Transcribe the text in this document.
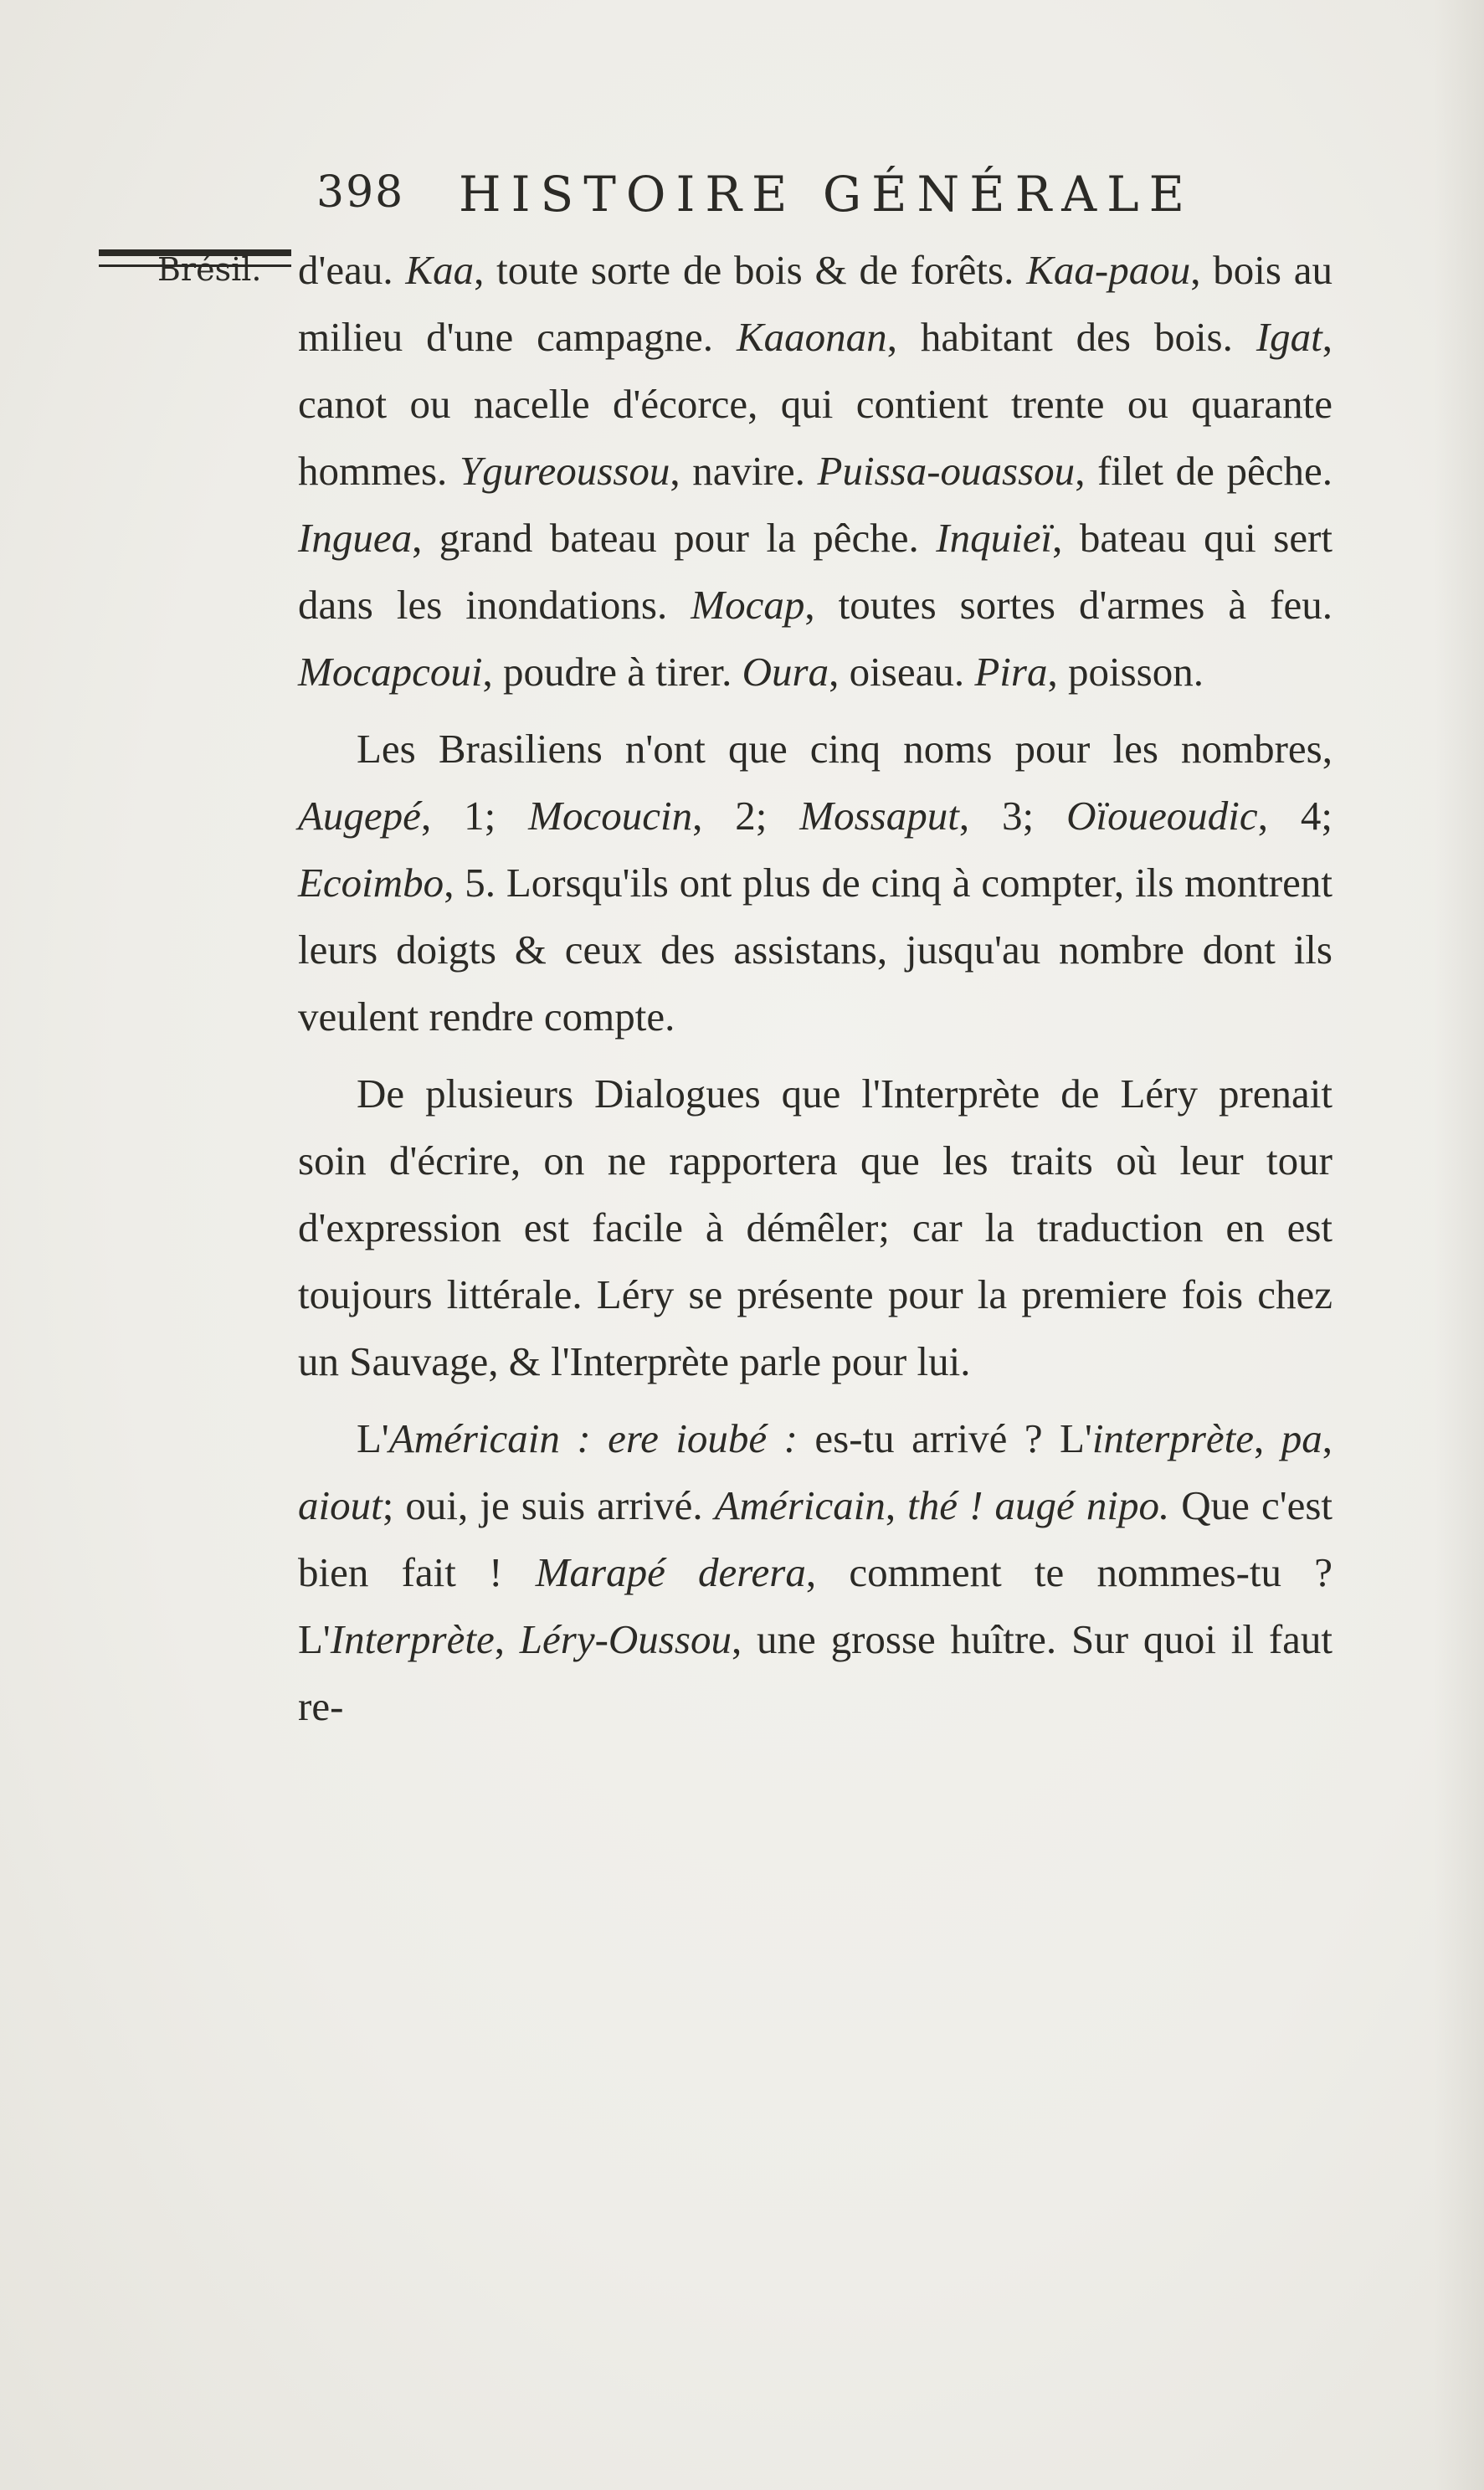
398 HISTOIRE GÉNÉRALE
Brésil. d'eau. Kaa, toute sorte de bois & de forêts. Kaa-paou, bois au milieu d'une campagne. Kaaonan, habitant des bois. Igat, canot ou nacelle d'écorce, qui contient trente ou quarante hommes. Ygureoussou, navire. Puissa-ouassou, filet de pêche. Inguea, grand bateau pour la pêche. Inquieï, bateau qui sert dans les inondations. Mocap, toutes sortes d'armes à feu. Mocapcoui, poudre à tirer. Oura, oiseau. Pira, poisson.

Les Brasiliens n'ont que cinq noms pour les nombres, Augepé, 1; Mocoucin, 2; Mossaput, 3; Oïoueoudic, 4; Ecoimbo, 5. Lorsqu'ils ont plus de cinq à compter, ils montrent leurs doigts & ceux des assistans, jusqu'au nombre dont ils veulent rendre compte.

De plusieurs Dialogues que l'Interprète de Léry prenait soin d'écrire, on ne rapportera que les traits où leur tour d'expression est facile à démêler; car la traduction en est toujours littérale. Léry se présente pour la premiere fois chez un Sauvage, & l'Interprète parle pour lui.

L'Américain : ere ioubé : es-tu arrivé ? L'interprète, pa, aiout; oui, je suis arrivé. Américain, thé ! augé nipo. Que c'est bien fait ! Marapé derera, comment te nommes-tu ? L'Interprète, Léry-Oussou, une grosse huître. Sur quoi il faut re-
